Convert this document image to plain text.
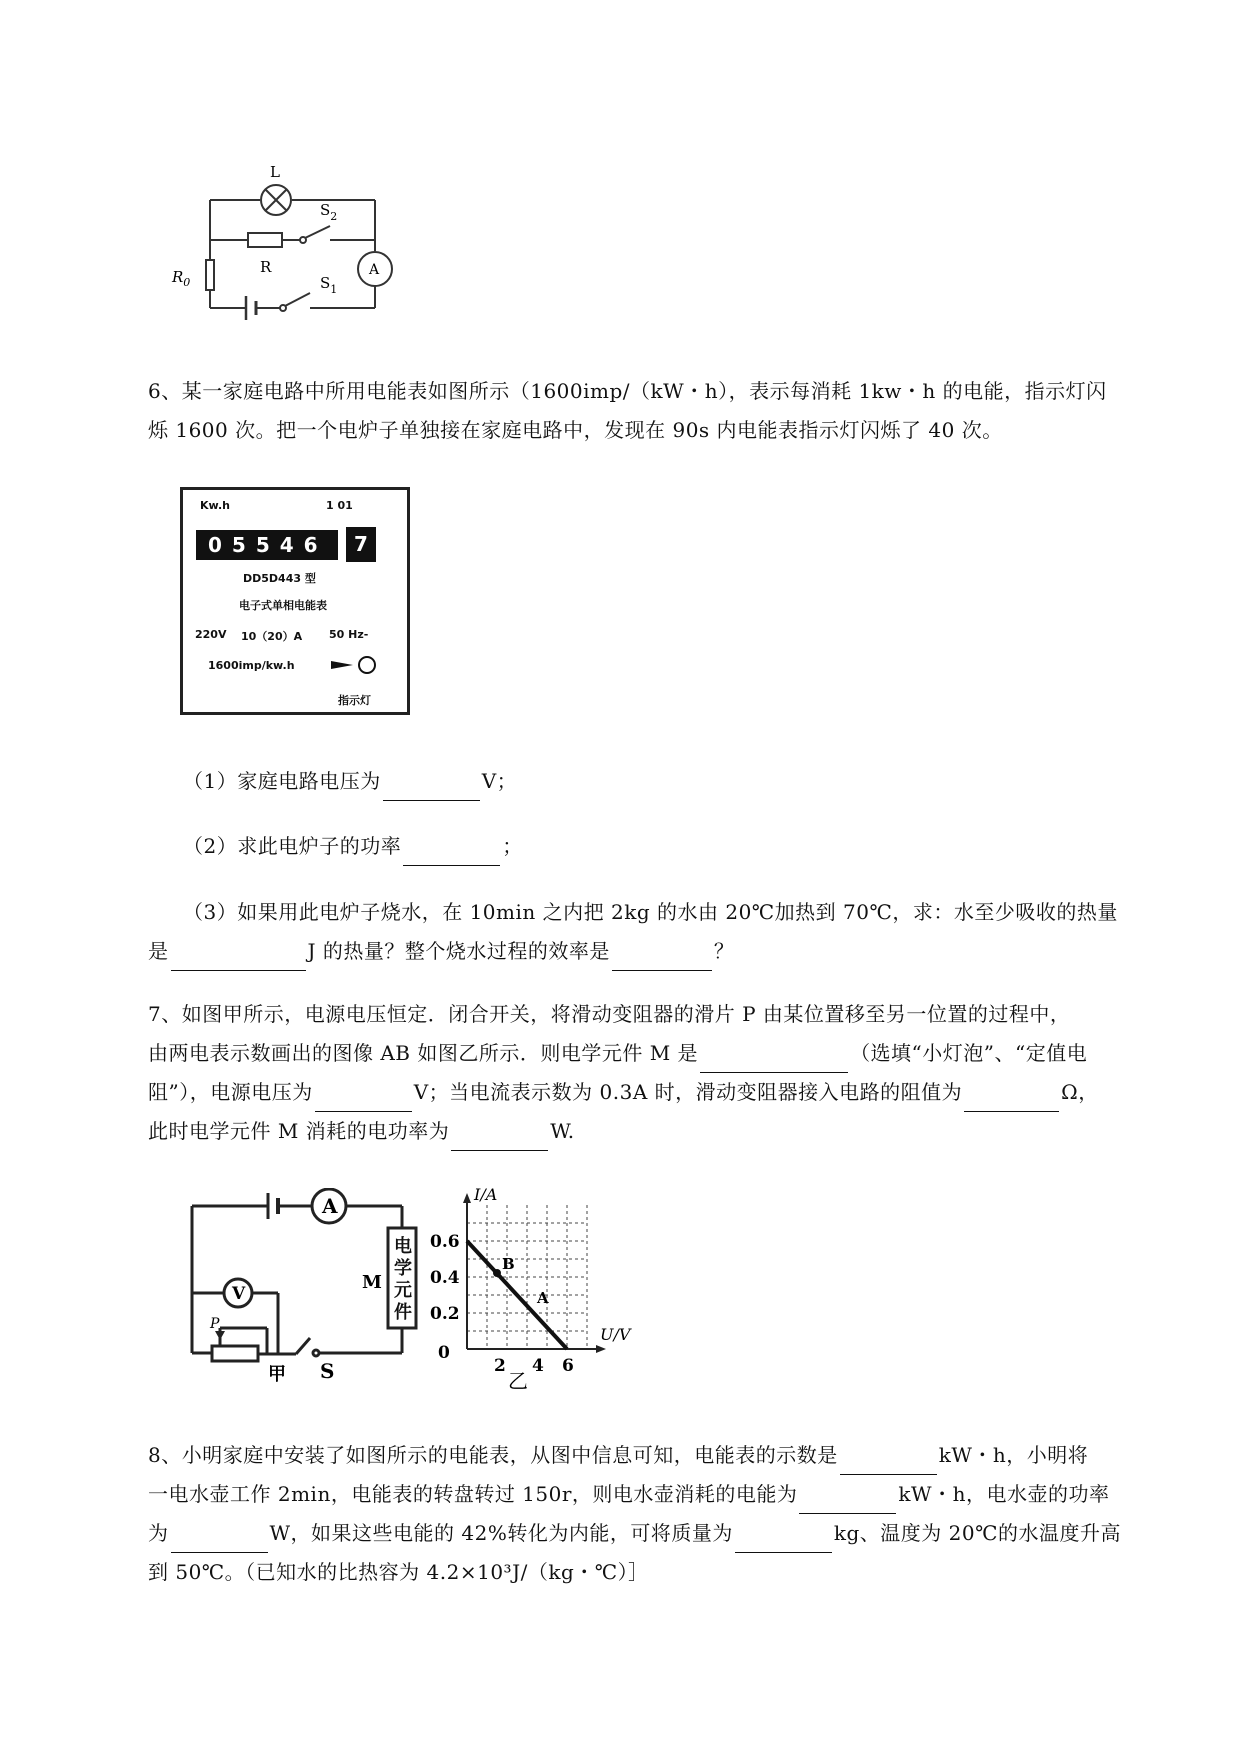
L
R
$S_2$
A
$R_0$	$S_1$
6、某一家庭电路中所用电能表如图所示（1600imp/（kW・h），表示每消耗 1kw・h 的电能，指示灯闪
烁 1600 次。把一个电炉子单独接在家庭电路中，发现在 90s 内电能表指示灯闪烁了 40 次。
Kw.h	1 01
05546	7
DD5D443 型
电子式单相电能表
220V 10（20）A 50 Hz-
1600imp/kw.h
指示灯
（1）家庭电路电压为	V；
（2）求此电炉子的功率	；
（3）如果用此电炉子烧水，在 10min 之内把 2kg 的水由 20℃加热到 70℃，求：水至少吸收的热量
是	J 的热量？整个烧水过程的效率是	？
7、如图甲所示，电源电压恒定．闭合开关，将滑动变阻器的滑片 P 由某位置移至另一位置的过程中，
由两电表示数画出的图像 AB 如图乙所示．则电学元件 M 是	（选填“小灯泡”、“定值电
阻”），电源电压为	V；当电流表示数为 0.3A 时，滑动变阻器接入电路的阻值为	Ω，
此时电学元件 M 消耗的电功率为	W.
A
V
M
P
S
甲
电学元件
I/A
U/V
0.6
0.4
0.2
0
2 4 6
B
A
乙
8、小明家庭中安装了如图所示的电能表，从图中信息可知，电能表的示数是	kW・h，小明将
一电水壶工作 2min，电能表的转盘转过 150r，则电水壶消耗的电能为	kW・h，电水壶的功率
为	W，如果这些电能的 42%转化为内能，可将质量为	kg、温度为 20℃的水温度升高
到 50℃。（已知水的比热容为 4.2×10³J/（kg・℃）］
